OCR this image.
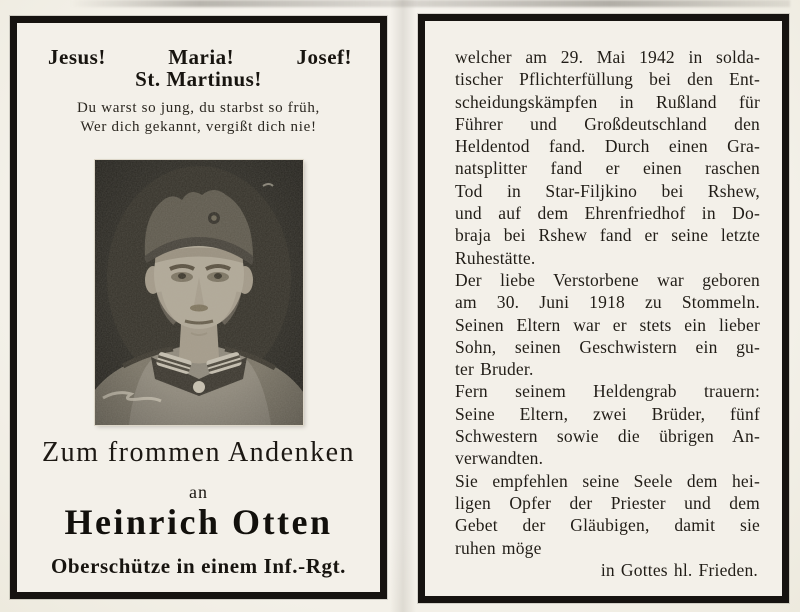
Jesus!	Maria!	Josef!
St. Martinus!
Du warst so jung, du starbst so früh,
Wer dich gekannt, vergißt dich nie!
Zum frommen Andenken
an
Heinrich Otten
Oberschütze in einem Inf.-Rgt.
welcher am 29. Mai 1942 in solda-
tischer Pflichterfüllung bei den Ent-
scheidungskämpfen in Rußland für
Führer und Großdeutschland den
Heldentod fand. Durch einen Gra-
natsplitter fand er einen raschen
Tod in Star-Filjkino bei Rshew,
und auf dem Ehrenfriedhof in Do-
braja bei Rshew fand er seine letzte
Ruhestätte.
Der liebe Verstorbene war geboren
am 30. Juni 1918 zu Stommeln.
Seinen Eltern war er stets ein lieber
Sohn, seinen Geschwistern ein gu-
ter Bruder.
Fern seinem Heldengrab trauern:
Seine Eltern, zwei Brüder, fünf
Schwestern sowie die übrigen An-
verwandten.
Sie empfehlen seine Seele dem hei-
ligen Opfer der Priester und dem
Gebet der Gläubigen, damit sie
ruhen möge
in Gottes hl. Frieden.
